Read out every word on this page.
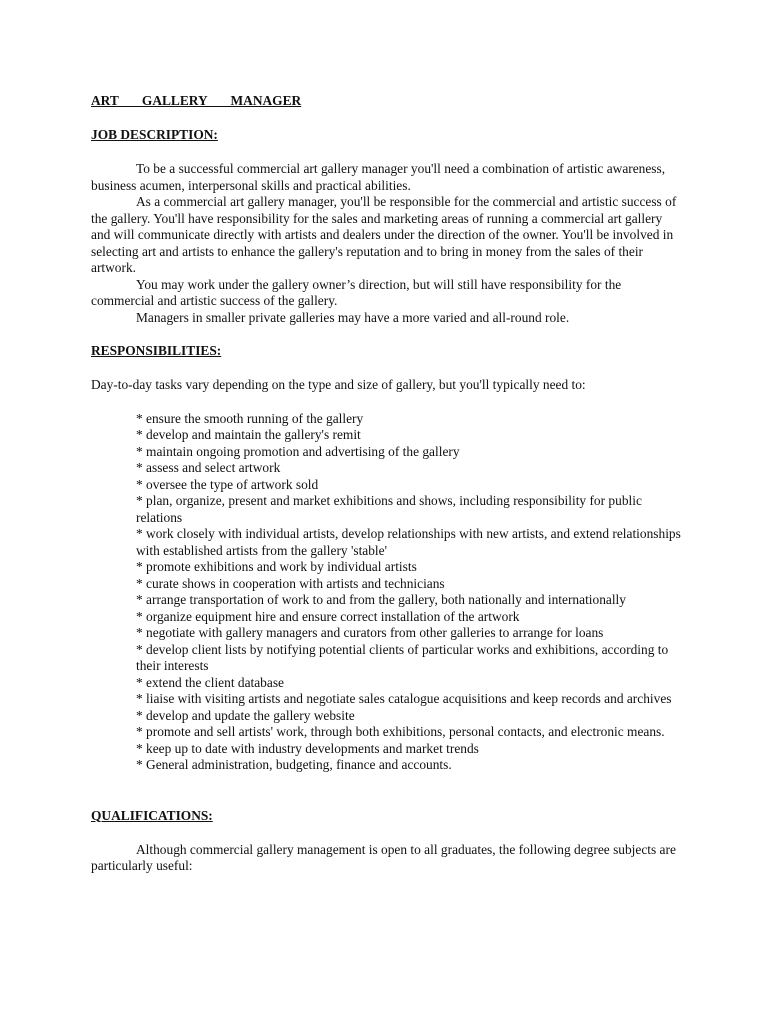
ART GALLERY MANAGER
JOB DESCRIPTION:

To be a successful commercial art gallery manager you'll need a combination of artistic awareness, business acumen, interpersonal skills and practical abilities.

As a commercial art gallery manager, you'll be responsible for the commercial and artistic success of the gallery. You'll have responsibility for the sales and marketing areas of running a commercial art gallery and will communicate directly with artists and dealers under the direction of the owner. You'll be involved in selecting art and artists to enhance the gallery's reputation and to bring in money from the sales of their artwork.

You may work under the gallery owner’s direction, but will still have responsibility for the commercial and artistic success of the gallery.

Managers in smaller private galleries may have a more varied and all-round role.

RESPONSIBILITIES:

Day-to-day tasks vary depending on the type and size of gallery, but you'll typically need to:

* ensure the smooth running of the gallery
* develop and maintain the gallery's remit
* maintain ongoing promotion and advertising of the gallery
* assess and select artwork
* oversee the type of artwork sold
* plan, organize, present and market exhibitions and shows, including responsibility for public relations
* work closely with individual artists, develop relationships with new artists, and extend relationships with established artists from the gallery 'stable'
* promote exhibitions and work by individual artists
* curate shows in cooperation with artists and technicians
* arrange transportation of work to and from the gallery, both nationally and internationally
* organize equipment hire and ensure correct installation of the artwork
* negotiate with gallery managers and curators from other galleries to arrange for loans
* develop client lists by notifying potential clients of particular works and exhibitions, according to their interests
* extend the client database
* liaise with visiting artists and negotiate sales catalogue acquisitions and keep records and archives
* develop and update the gallery website
* promote and sell artists' work, through both exhibitions, personal contacts, and electronic means.
* keep up to date with industry developments and market trends
* General administration, budgeting, finance and accounts.
QUALIFICATIONS:

Although commercial gallery management is open to all graduates, the following degree subjects are particularly useful:
